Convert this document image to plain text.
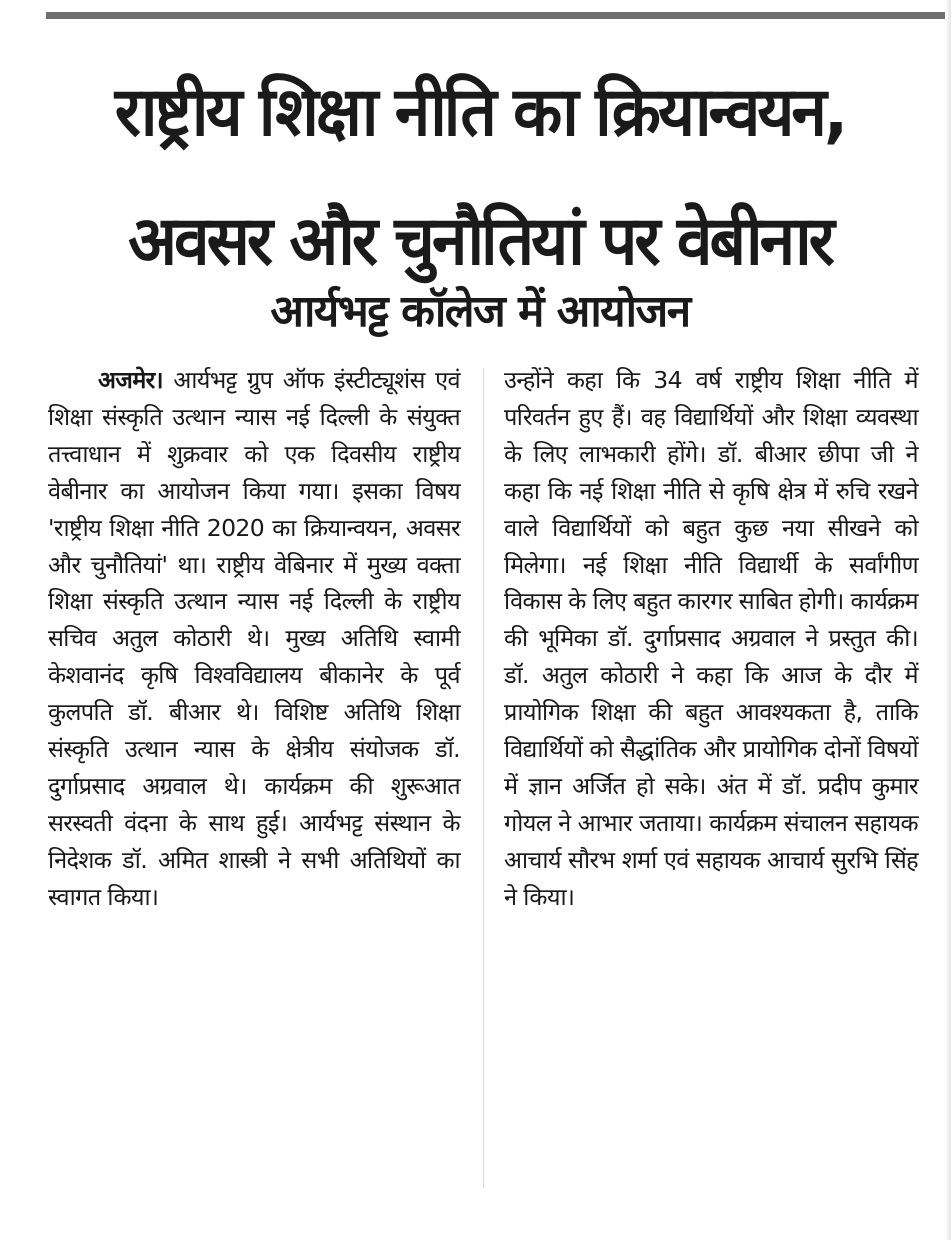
राष्ट्रीय शिक्षा नीति का क्रियान्वयन, अवसर और चुनौतियां पर वेबीनार
आर्यभट्ट कॉलेज में आयोजन

अजमेर। आर्यभट्ट ग्रुप ऑफ इंस्टीट्यूशंस एवं शिक्षा संस्कृति उत्थान न्यास नई दिल्ली के संयुक्त तत्त्वाधान में शुक्रवार को एक दिवसीय राष्ट्रीय वेबीनार का आयोजन किया गया। इसका विषय 'राष्ट्रीय शिक्षा नीति 2020 का क्रियान्वयन, अवसर और चुनौतियां' था। राष्ट्रीय वेबिनार में मुख्य वक्ता शिक्षा संस्कृति उत्थान न्यास नई दिल्ली के राष्ट्रीय सचिव अतुल कोठारी थे। मुख्य अतिथि स्वामी केशवानंद कृषि विश्वविद्यालय बीकानेर के पूर्व कुलपति डॉ. बीआर थे। विशिष्ट अतिथि शिक्षा संस्कृति उत्थान न्यास के क्षेत्रीय संयोजक डॉ. दुर्गाप्रसाद अग्रवाल थे। कार्यक्रम की शुरूआत सरस्वती वंदना के साथ हुई। आर्यभट्ट संस्थान के निदेशक डॉ. अमित शास्त्री ने सभी अतिथियों का स्वागत किया।

उन्होंने कहा कि 34 वर्ष राष्ट्रीय शिक्षा नीति में परिवर्तन हुए हैं। वह विद्यार्थियों और शिक्षा व्यवस्था के लिए लाभकारी होंगे। डॉ. बीआर छीपा जी ने कहा कि नई शिक्षा नीति से कृषि क्षेत्र में रुचि रखने वाले विद्यार्थियों को बहुत कुछ नया सीखने को मिलेगा। नई शिक्षा नीति विद्यार्थी के सर्वांगीण विकास के लिए बहुत कारगर साबित होगी। कार्यक्रम की भूमिका डॉ. दुर्गाप्रसाद अग्रवाल ने प्रस्तुत की। डॉ. अतुल कोठारी ने कहा कि आज के दौर में प्रायोगिक शिक्षा की बहुत आवश्यकता है, ताकि विद्यार्थियों को सैद्धांतिक और प्रायोगिक दोनों विषयों में ज्ञान अर्जित हो सके। अंत में डॉ. प्रदीप कुमार गोयल ने आभार जताया। कार्यक्रम संचालन सहायक आचार्य सौरभ शर्मा एवं सहायक आचार्य सुरभि सिंह ने किया।
